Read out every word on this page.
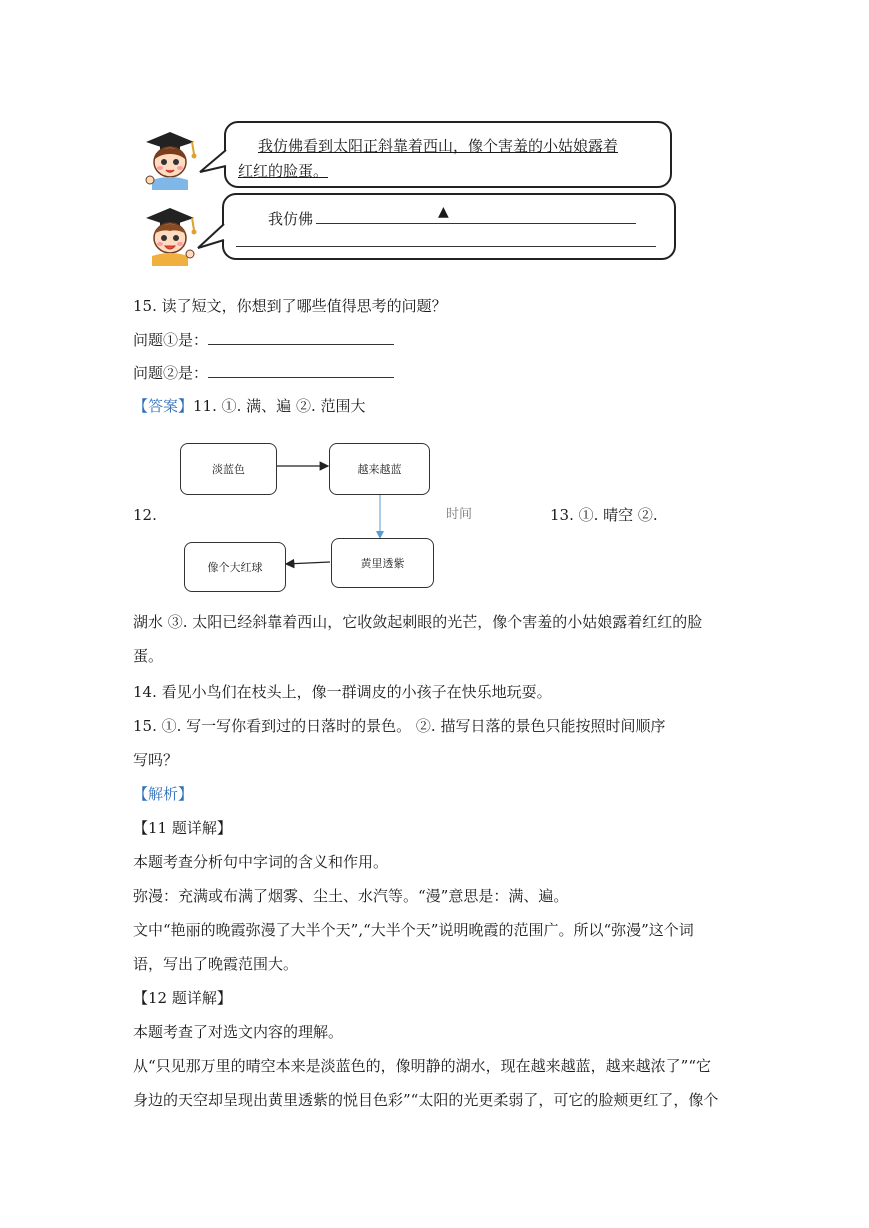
我仿佛看到太阳正斜靠着西山，像个害羞的小姑娘露着
红红的脸蛋。
我仿佛	▲
15. 读了短文，你想到了哪些值得思考的问题？
问题①是：
问题②是：
【答案】11. ①. 满、遍 ②. 范围大
淡蓝色	越来越蓝
黄里透紫
像个大红球
12.	时间	13. ①. 晴空 ②.
湖水 ③. 太阳已经斜靠着西山，它收敛起刺眼的光芒，像个害羞的小姑娘露着红红的脸
蛋。
14. 看见小鸟们在枝头上，像一群调皮的小孩子在快乐地玩耍。
15. ①. 写一写你看到过的日落时的景色。 ②. 描写日落的景色只能按照时间顺序
写吗？
【解析】
【11 题详解】
本题考查分析句中字词的含义和作用。
弥漫：充满或布满了烟雾、尘土、水汽等。“漫”意思是：满、遍。
文中“艳丽的晚霞弥漫了大半个天”,“大半个天”说明晚霞的范围广。所以“弥漫”这个词
语，写出了晚霞范围大。
【12 题详解】
本题考查了对选文内容的理解。
从“只见那万里的晴空本来是淡蓝色的，像明静的湖水，现在越来越蓝，越来越浓了”“它
身边的天空却呈现出黄里透紫的悦目色彩”“太阳的光更柔弱了，可它的脸颊更红了，像个
